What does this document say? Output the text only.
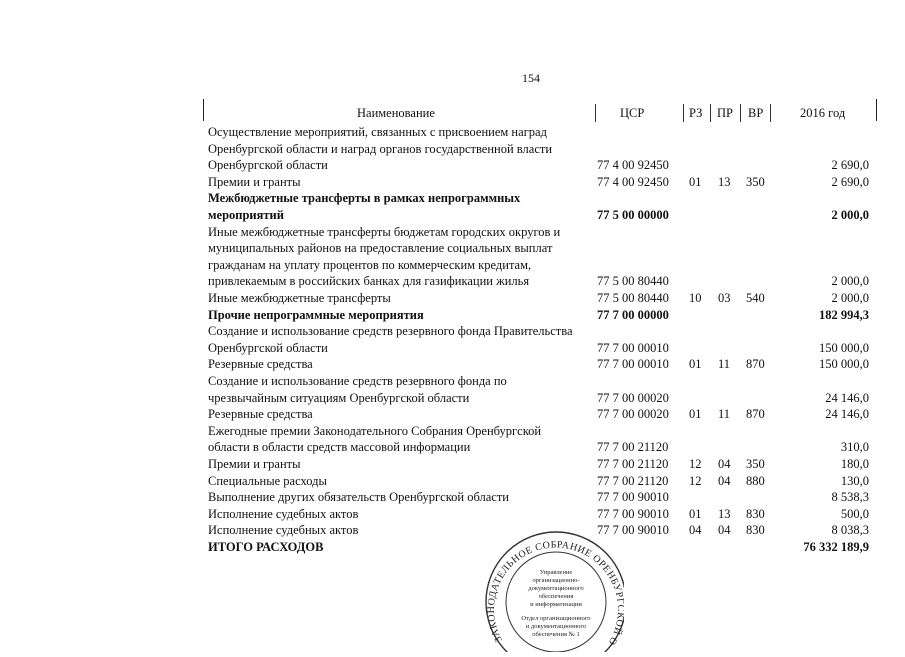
154
Наименование	ЦСР	РЗ ПР ВР	2016 год
Осуществление мероприятий, связанных с присвоением наград
Оренбургской области и наград органов государственной власти
Оренбургской области	77 4 00 92450	2 690,0
Премии и гранты	77 4 00 92450 01 13 350	2 690,0
Межбюджетные трансферты в рамках непрограммных
мероприятий	77 5 00 00000	2 000,0
Иные межбюджетные трансферты бюджетам городских округов и
муниципальных районов на предоставление социальных выплат
гражданам на уплату процентов по коммерческим кредитам,
привлекаемым в российских банках для газификации жилья	77 5 00 80440	2 000,0
Иные межбюджетные трансферты	77 5 00 80440 10 03 540	2 000,0
Прочие непрограммные мероприятия	77 7 00 00000	182 994,3
Создание и использование средств резервного фонда Правительства
Оренбургской области	77 7 00 00010	150 000,0
Резервные средства	77 7 00 00010 01 11 870	150 000,0
Создание и использование средств резервного фонда по
чрезвычайным ситуациям Оренбургской области	77 7 00 00020	24 146,0
Резервные средства	77 7 00 00020 01 11 870	24 146,0
Ежегодные премии Законодательного Собрания Оренбургской
области в области средств массовой информации	77 7 00 21120	310,0
Премии и гранты	77 7 00 21120 12 04 350	180,0
Специальные расходы	77 7 00 21120 12 04 880	130,0
Выполнение других обязательств Оренбургской области	77 7 00 90010	8 538,3
Исполнение судебных актов	77 7 00 90010 01 13 830	500,0
Исполнение судебных актов	77 7 00 90010 04 04 830	8 038,3
ИТОГО РАСХОДОВ	76 332 189,9
ЗАКОНОДАТЕЛЬНОЕ СОБРАНИЕ ОРЕНБУР ОЙ О
Управление
организационно-
документационного
обеспечения
и информатизации
Отдел организационного
и документационного
обеспечения № 1
